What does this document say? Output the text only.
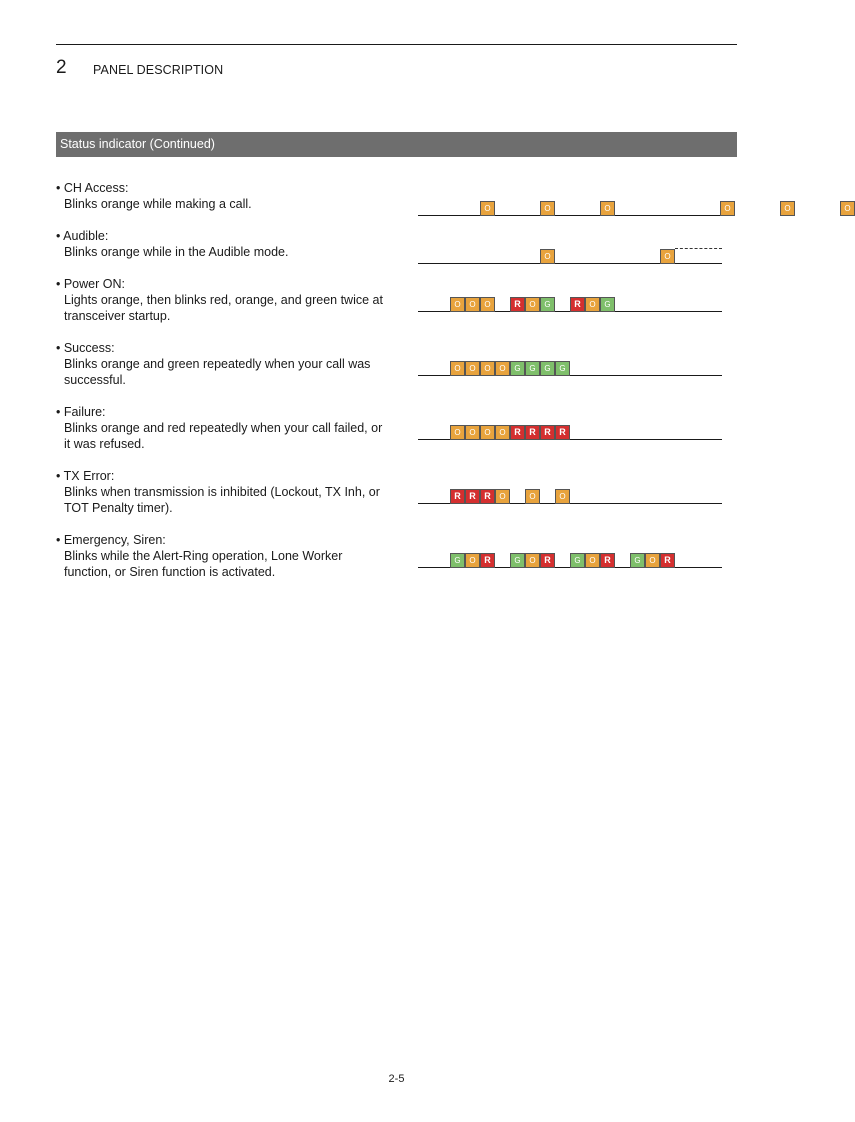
2 PANEL DESCRIPTION
Status indicator (Continued)
• CH Access:
Blinks orange while making a call.
• Audible:
Blinks orange while in the Audible mode.
• Power ON:
Lights orange, then blinks red, orange, and green twice at transceiver startup.
• Success:
Blinks orange and green repeatedly when your call was successful.
• Failure:
Blinks orange and red repeatedly when your call failed, or it was refused.
• TX Error:
Blinks when transmission is inhibited (Lockout, TX Inh, or TOT Penalty timer).
• Emergency, Siren:
Blinks while the Alert-Ring operation, Lone Worker function, or Siren function is activated.
O	O	O	O	O	O
O	O
O	O	O	R	O	G	R	O	G
O	O	O	O	G	G	G	G
O	O	O	O R R R R
R R R	O	O	O
G	O R	G	O R	G	O R	G	O R
2-5
